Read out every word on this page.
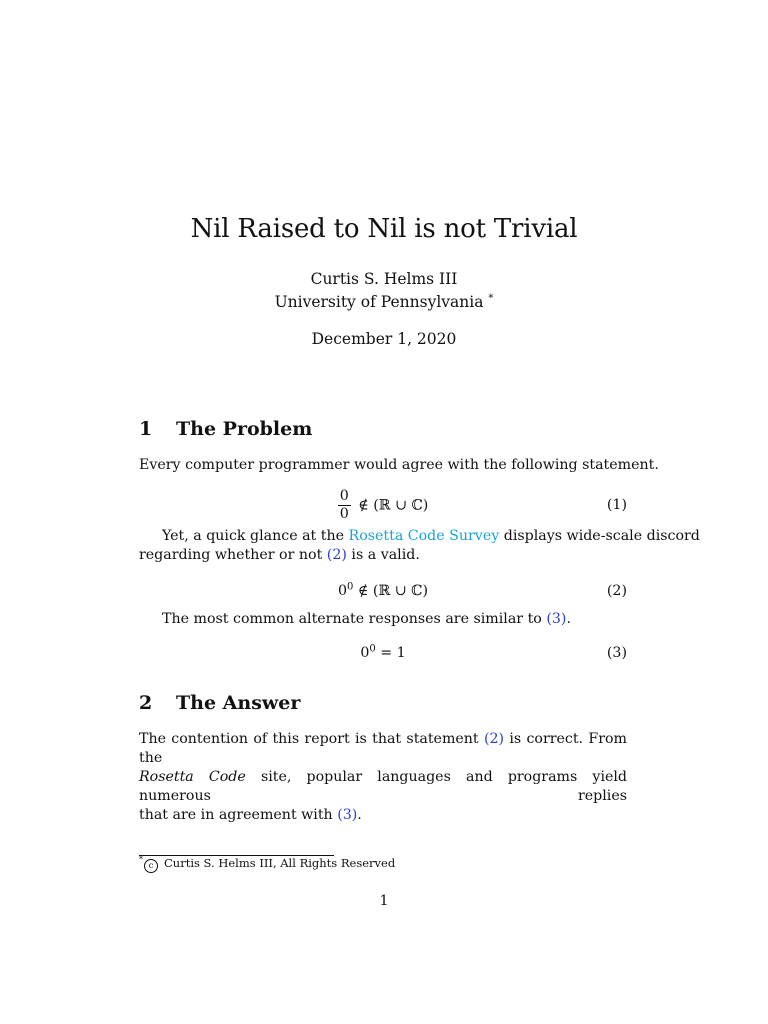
Nil Raised to Nil is not Trivial
Curtis S. Helms III
University of Pennsylvania *
December 1, 2020
1 The Problem
Every computer programmer would agree with the following statement.
$\frac{0}{0}$ ∉ (ℝ ∪ ℂ)	(1)
Yet, a quick glance at the Rosetta Code Survey displays wide-scale discord
regarding whether or not (2) is a valid.
$0^0$ ∉ (ℝ ∪ ℂ)	(2)
The most common alternate responses are similar to (3).
$0^0 = 1$	(3)
2 The Answer
The contention of this report is that statement (2) is correct. From the
Rosetta Code site, popular languages and programs yield numerous replies
that are in agreement with (3).
*c Curtis S. Helms III, All Rights Reserved
1
